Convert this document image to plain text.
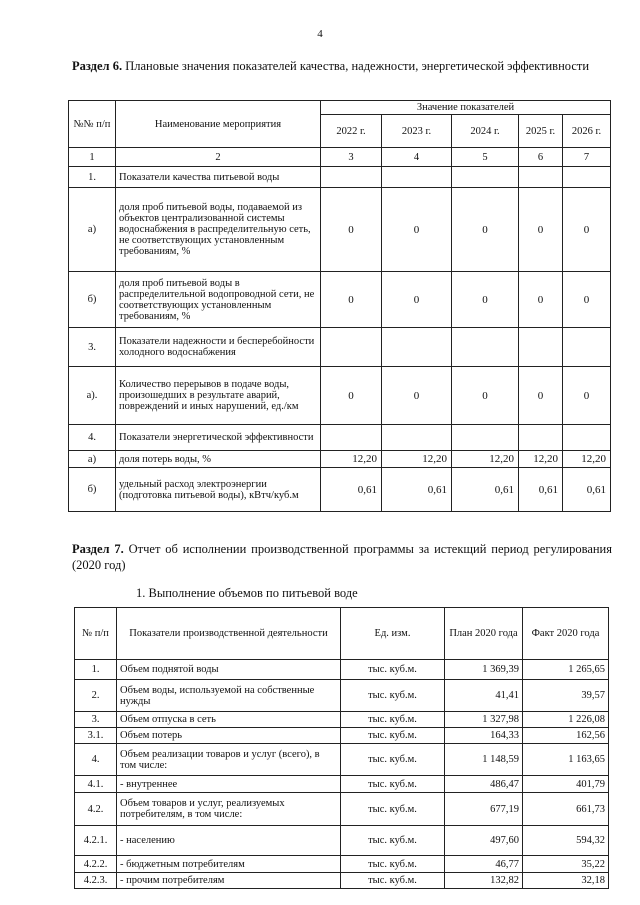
4
Раздел 6. Плановые значения показателей качества, надежности, энергетической эффективности
№№ п/п	Наименование мероприятия	Значение показателей				
		2022 г.	2023 г.	2024 г.	2025 г.	2026 г.
1	2	3	4	5	6	7
1.	Показатели качества питьевой воды					
а)	доля проб питьевой воды, подаваемой из объектов централизованной системы водоснабжения в распределительную сеть, не соответствующих установленным требованиям, %	0	0	0	0	0
б)	доля проб питьевой воды в распределительной водопроводной сети, не соответствующих установленным требованиям, %	0	0	0	0	0
3.	Показатели надежности и бесперебойности холодного водоснабжения					
а).	Количество перерывов в подаче воды, произошедших в результате аварий, повреждений и иных нарушений, ед./км	0	0	0	0	0
4.	Показатели энергетической эффективности					
а)	доля потерь воды, %	12,20	12,20	12,20	12,20	12,20
б)	удельный расход электроэнергии (подготовка питьевой воды), кВтч/куб.м	0,61	0,61	0,61	0,61	0,61
Раздел 7. Отчет об исполнении производственной программы за истекщий период регулирования (2020 год)
1. Выполнение объемов по питьевой воде
№ п/п	Показатели производственной деятельности	Ед. изм.	План 2020 года	Факт 2020 года
1.	Объем поднятой воды	тыс. куб.м.	1 369,39	1 265,65
2.	Объем воды, используемой на собственные нужды	тыс. куб.м.	41,41	39,57
3.	Объем отпуска в сеть	тыс. куб.м.	1 327,98	1 226,08
3.1.	Объем потерь	тыс. куб.м.	164,33	162,56
4.	Объем реализации товаров и услуг (всего), в том числе:	тыс. куб.м.	1 148,59	1 163,65
4.1.	- внутреннее	тыс. куб.м.	486,47	401,79
4.2.	Объем товаров и услуг, реализуемых потребителям, в том числе:	тыс. куб.м.	677,19	661,73
4.2.1.	- населению	тыс. куб.м.	497,60	594,32
4.2.2.	- бюджетным потребителям	тыс. куб.м.	46,77	35,22
4.2.3.	- прочим потребителям	тыс. куб.м.	132,82	32,18
